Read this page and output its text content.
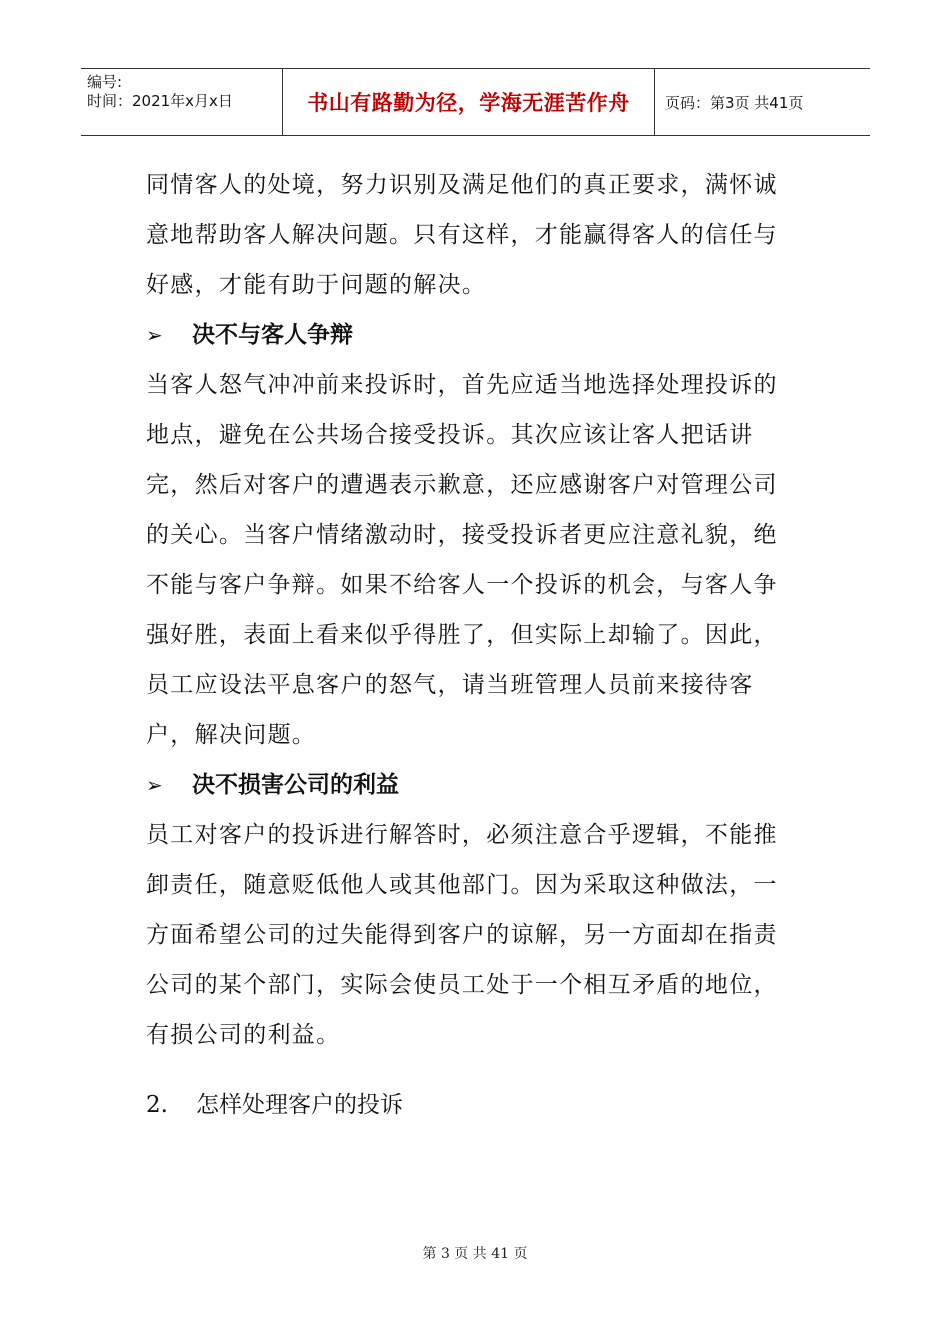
编号:
时间：2021年x月x日	书山有路勤为径，学海无涯苦作舟	页码：第3页 共41页

同情客人的处境，努力识别及满足他们的真正要求，满怀诚意地帮助客人解决问题。只有这样，才能赢得客人的信任与好感，才能有助于问题的解决。

➢	决不与客人争辩

当客人怒气冲冲前来投诉时，首先应适当地选择处理投诉的地点，避免在公共场合接受投诉。其次应该让客人把话讲完，然后对客户的遭遇表示歉意，还应感谢客户对管理公司的关心。当客户情绪激动时，接受投诉者更应注意礼貌，绝不能与客户争辩。如果不给客人一个投诉的机会，与客人争强好胜，表面上看来似乎得胜了，但实际上却输了。因此，员工应设法平息客户的怒气，请当班管理人员前来接待客户，解决问题。

➢	决不损害公司的利益

员工对客户的投诉进行解答时，必须注意合乎逻辑，不能推卸责任，随意贬低他人或其他部门。因为采取这种做法，一方面希望公司的过失能得到客户的谅解，另一方面却在指责公司的某个部门，实际会使员工处于一个相互矛盾的地位，有损公司的利益。

2.	怎样处理客户的投诉
第 3 页 共 41 页
